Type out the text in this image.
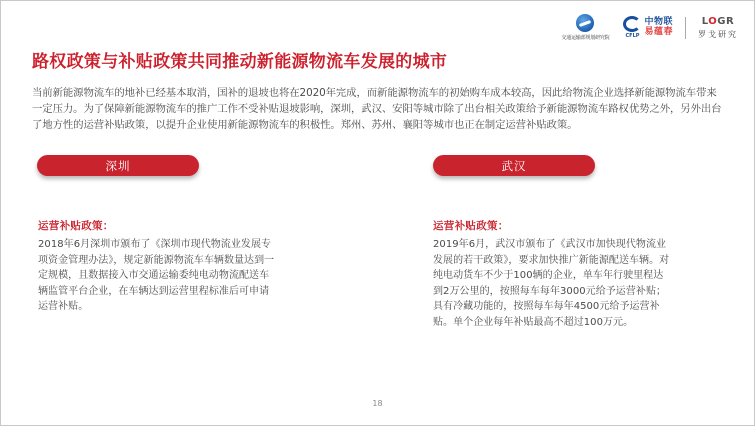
交通运输部规划研究院	CFLP
中物联
易蕴春
LOGR
罗戈研究
路权政策与补贴政策共同推动新能源物流车发展的城市

当前新能源物流车的地补已经基本取消，国补的退坡也将在2020年完成，而新能源物流车的初始购车成本较高，因此给物流企业选择新能源物流车带来一定压力。为了保障新能源物流车的推广工作不受补贴退坡影响，深圳，武汉、安阳等城市除了出台相关政策给予新能源物流车路权优势之外，另外出台了地方性的运营补贴政策，以提升企业使用新能源物流车的积极性。郑州、苏州、襄阳等城市也正在制定运营补贴政策。

深圳	武汉

运营补贴政策：

2018年6月深圳市颁布了《深圳市现代物流业发展专项资金管理办法》，规定新能源物流车车辆数量达到一定规模，且数据接入市交通运输委纯电动物流配送车辆监管平台企业，在车辆达到运营里程标准后可申请运营补贴。

运营补贴政策：

2019年6月，武汉市颁布了《武汉市加快现代物流业发展的若干政策》，要求加快推广新能源配送车辆。对纯电动货车不少于100辆的企业，单车年行驶里程达到2万公里的，按照每车每年3000元给予运营补贴；具有冷藏功能的，按照每车每年4500元给予运营补贴。单个企业每年补贴最高不超过100万元。

18
